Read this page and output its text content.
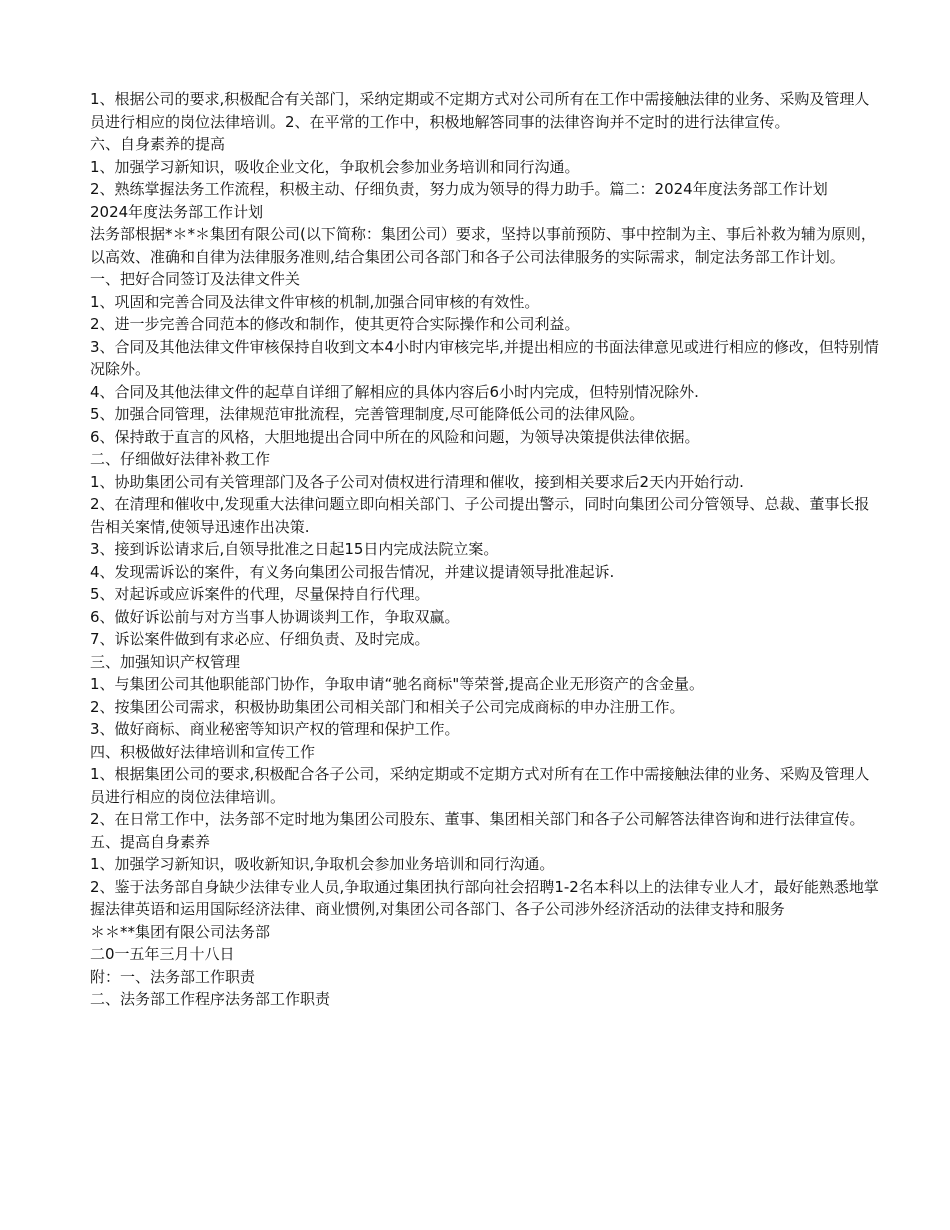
1、根据公司的要求,积极配合有关部门，采纳定期或不定期方式对公司所有在工作中需接触法律的业务、采购及管理人员进行相应的岗位法律培训。2、在平常的工作中，积极地解答同事的法律咨询并不定时的进行法律宣传。

六、自身素养的提高

1、加强学习新知识，吸收企业文化，争取机会参加业务培训和同行沟通。

2、熟练掌握法务工作流程，积极主动、仔细负责，努力成为领导的得力助手。篇二：2024年度法务部工作计划

2024年度法务部工作计划

法务部根据*＊*＊集团有限公司(以下简称：集团公司）要求，坚持以事前预防、事中控制为主、事后补救为辅为原则，以高效、准确和自律为法律服务准则,结合集团公司各部门和各子公司法律服务的实际需求，制定法务部工作计划。

一、把好合同签订及法律文件关

1、巩固和完善合同及法律文件审核的机制,加强合同审核的有效性。

2、进一步完善合同范本的修改和制作，使其更符合实际操作和公司利益。

3、合同及其他法律文件审核保持自收到文本4小时内审核完毕,并提出相应的书面法律意见或进行相应的修改，但特别情况除外。

4、合同及其他法律文件的起草自详细了解相应的具体内容后6小时内完成，但特别情况除外.

5、加强合同管理，法律规范审批流程，完善管理制度,尽可能降低公司的法律风险。

6、保持敢于直言的风格，大胆地提出合同中所在的风险和问题，为领导决策提供法律依据。

二、仔细做好法律补救工作

1、协助集团公司有关管理部门及各子公司对债权进行清理和催收，接到相关要求后2天内开始行动.

2、在清理和催收中,发现重大法律问题立即向相关部门、子公司提出警示，同时向集团公司分管领导、总裁、董事长报告相关案情,使领导迅速作出决策.

3、接到诉讼请求后,自领导批准之日起15日内完成法院立案。

4、发现需诉讼的案件，有义务向集团公司报告情况，并建议提请领导批准起诉.

5、对起诉或应诉案件的代理，尽量保持自行代理。

6、做好诉讼前与对方当事人协调谈判工作，争取双赢。

7、诉讼案件做到有求必应、仔细负责、及时完成。

三、加强知识产权管理

1、与集团公司其他职能部门协作，争取申请“驰名商标"等荣誉,提高企业无形资产的含金量。

2、按集团公司需求，积极协助集团公司相关部门和相关子公司完成商标的申办注册工作。

3、做好商标、商业秘密等知识产权的管理和保护工作。

四、积极做好法律培训和宣传工作

1、根据集团公司的要求,积极配合各子公司，采纳定期或不定期方式对所有在工作中需接触法律的业务、采购及管理人员进行相应的岗位法律培训。

2、在日常工作中，法务部不定时地为集团公司股东、董事、集团相关部门和各子公司解答法律咨询和进行法律宣传。

五、提高自身素养

1、加强学习新知识，吸收新知识,争取机会参加业务培训和同行沟通。

2、鉴于法务部自身缺少法律专业人员,争取通过集团执行部向社会招聘1-2名本科以上的法律专业人才，最好能熟悉地掌握法律英语和运用国际经济法律、商业惯例,对集团公司各部门、各子公司涉外经济活动的法律支持和服务

＊＊**集团有限公司法务部

二0一五年三月十八日

附：一、法务部工作职责

二、法务部工作程序法务部工作职责
